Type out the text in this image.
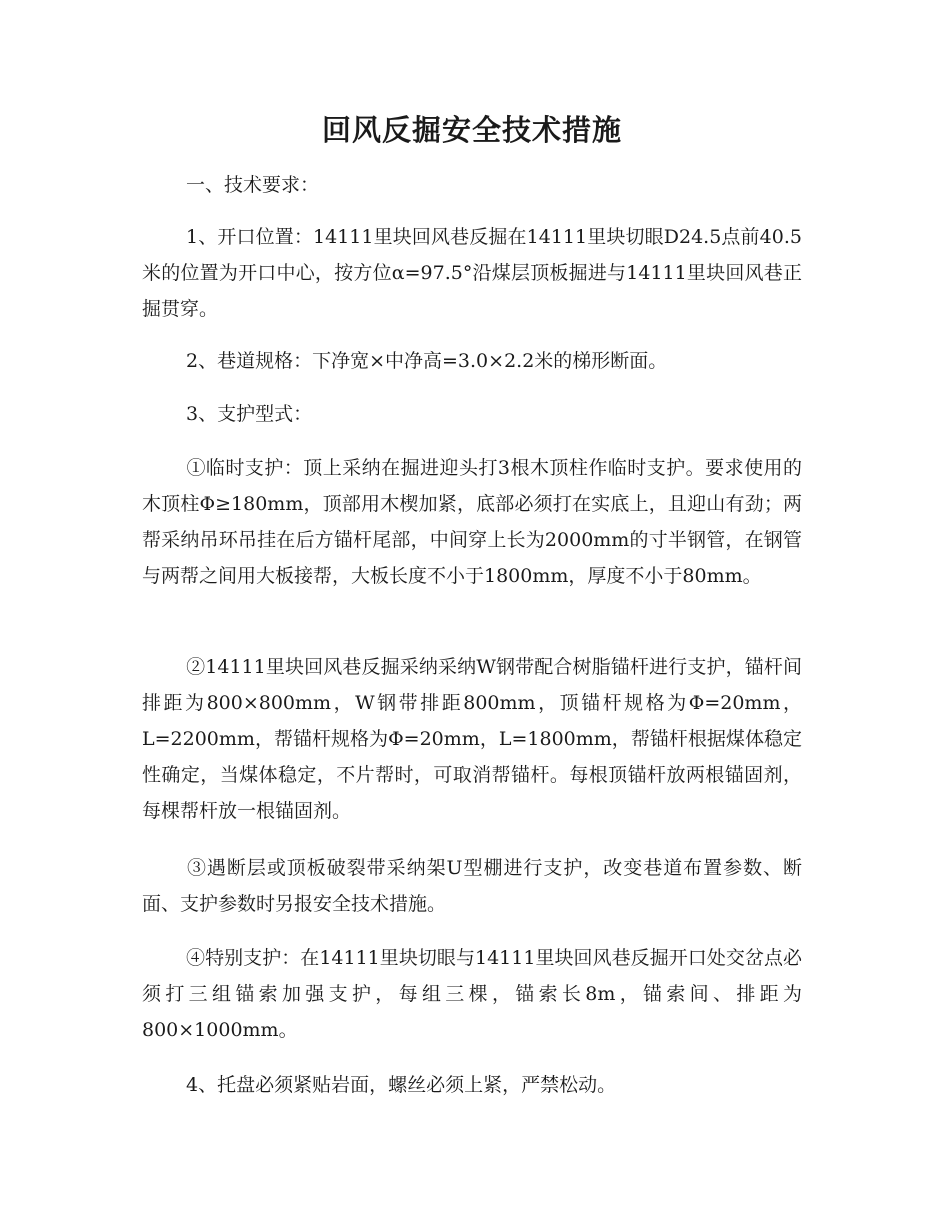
回风反掘安全技术措施

一、技术要求：

1、开口位置：14111里块回风巷反掘在14111里块切眼D24.5点前40.5米的位置为开口中心，按方位α=97.5°沿煤层顶板掘进与14111里块回风巷正掘贯穿。

2、巷道规格：下净宽×中净高=3.0×2.2米的梯形断面。

3、支护型式：

①临时支护：顶上采纳在掘进迎头打3根木顶柱作临时支护。要求使用的木顶柱Φ≥180mm，顶部用木楔加紧，底部必须打在实底上，且迎山有劲；两帮采纳吊环吊挂在后方锚杆尾部，中间穿上长为2000mm的寸半钢管，在钢管与两帮之间用大板接帮，大板长度不小于1800mm，厚度不小于80mm。

②14111里块回风巷反掘采纳采纳W钢带配合树脂锚杆进行支护，锚杆间排距为800×800mm，W钢带排距800mm，顶锚杆规格为Φ=20mm，L=2200mm，帮锚杆规格为Φ=20mm，L=1800mm，帮锚杆根据煤体稳定性确定，当煤体稳定，不片帮时，可取消帮锚杆。每根顶锚杆放两根锚固剂，每棵帮杆放一根锚固剂。

③遇断层或顶板破裂带采纳架U型棚进行支护，改变巷道布置参数、断面、支护参数时另报安全技术措施。

④特别支护：在14111里块切眼与14111里块回风巷反掘开口处交岔点必须打三组锚索加强支护，每组三棵，锚索长8m，锚索间、排距为800×1000mm。

4、托盘必须紧贴岩面，螺丝必须上紧，严禁松动。
